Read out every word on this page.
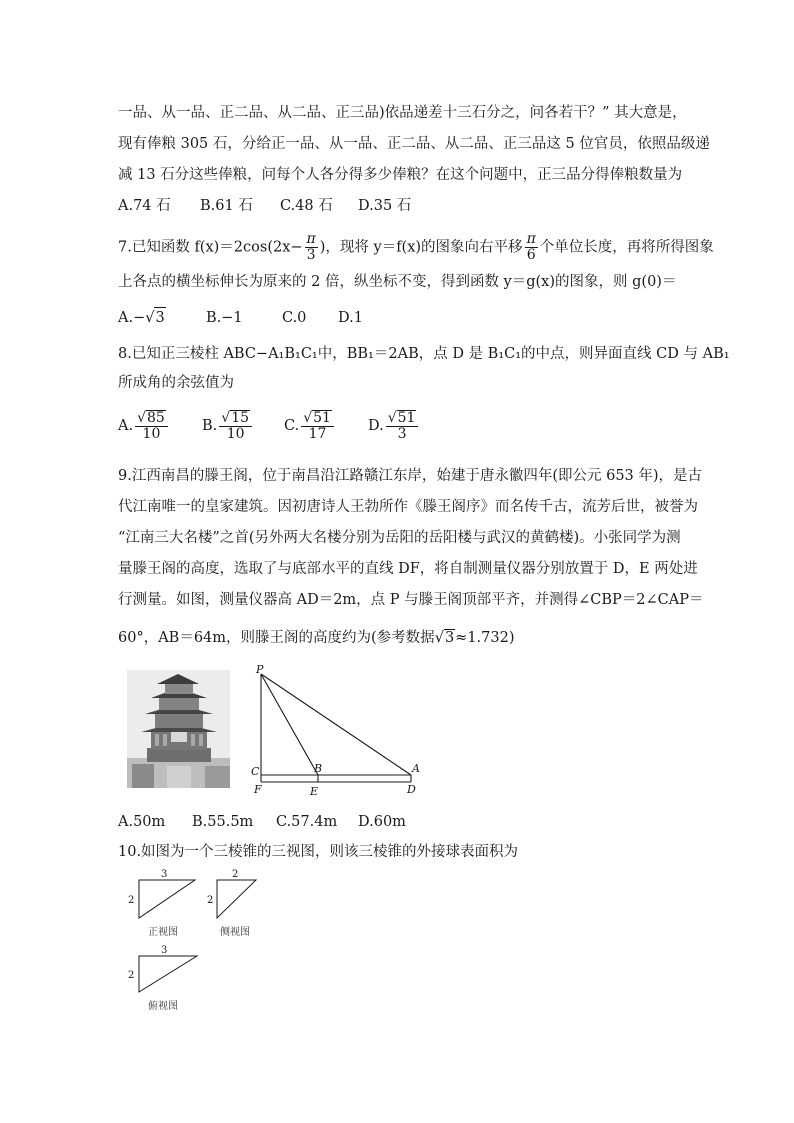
一品、从一品、正二品、从二品、正三品)依品递差十三石分之，问各若干？” 其大意是，
现有俸粮 305 石，分给正一品、从一品、正二品、从二品、正三品这 5 位官员，依照品级递
减 13 石分这些俸粮，问每个人各分得多少俸粮？在这个问题中，正三品分得俸粮数量为
A.74 石 B.61 石 C.48 石 D.35 石
7.已知函数 $f(x)=2\cos(2x- \frac{\pi}{3}$ )，现将 y＝f(x)的图象向右平移 $\frac{\pi}{6}$ 个单位长度，再将所得图象
上各点的横坐标伸长为原来的 2 倍，纵坐标不变，得到函数 y＝g(x)的图象，则 g(0)＝
A.−√3	B.−1	C.0 D.1
8.已知正三棱柱 ABC−A₁B₁C₁中，BB₁＝2AB，点 D 是 B₁C₁的中点，则异面直线 CD 与 AB₁
所成角的余弦值为
A. $\frac{√85}{10} B$. $\frac{√15}{10} C$. $\frac{√51}{17} D$. $\frac{√51}{3}$
9.江西南昌的滕王阁，位于南昌沿江路赣江东岸，始建于唐永徽四年(即公元 653 年)，是古
代江南唯一的皇家建筑。因初唐诗人王勃所作《滕王阁序》而名传千古，流芳后世，被誉为
“江南三大名楼”之首(另外两大名楼分别为岳阳的岳阳楼与武汉的黄鹤楼)。小张同学为测
量滕王阁的高度，选取了与底部水平的直线 DF，将自制测量仪器分别放置于 D，E 两处进
行测量。如图，测量仪器高 AD＝2m，点 P 与滕王阁顶部平齐，并测得∠CBP＝2∠CAP＝
60°，AB＝64m，则滕王阁的高度约为(参考数据√3≈1.732)
P
C	B	A
F	E	D
A.50m B.55.5m C.57.4m D.60m
10.如图为一个三棱锥的三视图，则该三棱锥的外接球表面积为
3
2
2
2
3
2
正视图	侧视图
俯视图
